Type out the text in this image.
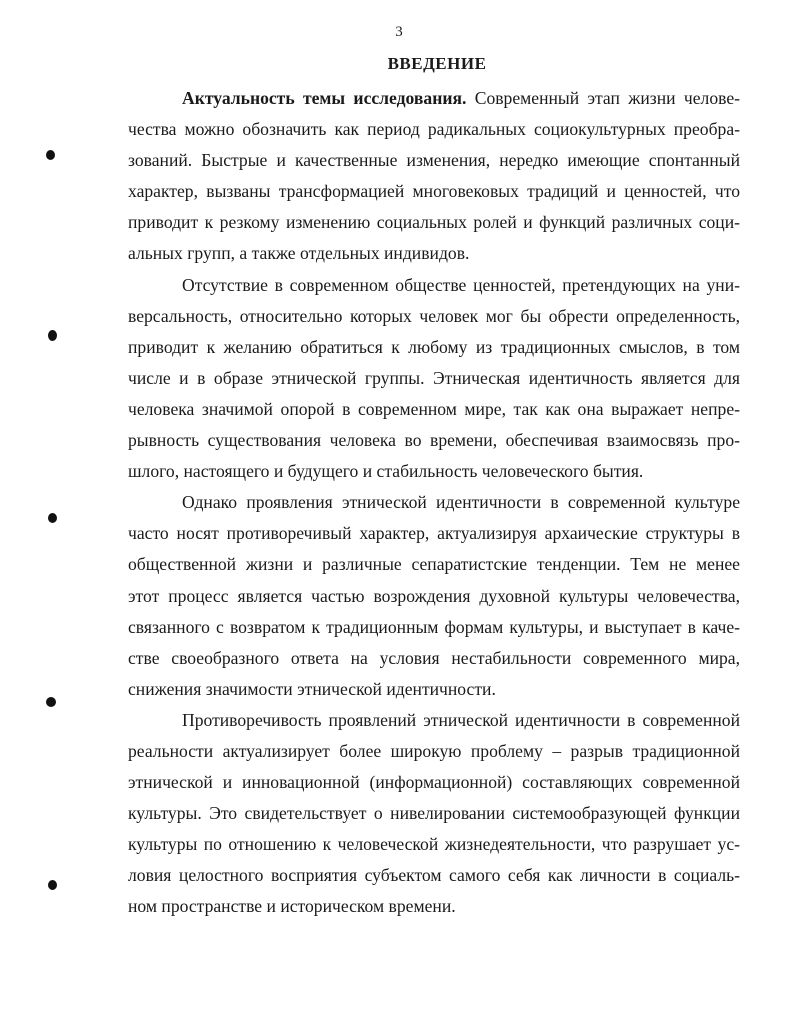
3
ВВЕДЕНИЕ
Актуальность темы исследования. Современный этап жизни челове-
чества можно обозначить как период радикальных социокультурных преобра-
зований. Быстрые и качественные изменения, нередко имеющие спонтанный
характер, вызваны трансформацией многовековых традиций и ценностей, что
приводит к резкому изменению социальных ролей и функций различных соци-
альных групп, а также отдельных индивидов.
Отсутствие в современном обществе ценностей, претендующих на уни-
версальность, относительно которых человек мог бы обрести определенность,
приводит к желанию обратиться к любому из традиционных смыслов, в том
числе и в образе этнической группы. Этническая идентичность является для
человека значимой опорой в современном мире, так как она выражает непре-
рывность существования человека во времени, обеспечивая взаимосвязь про-
шлого, настоящего и будущего и стабильность человеческого бытия.
Однако проявления этнической идентичности в современной культуре
часто носят противоречивый характер, актуализируя архаические структуры в
общественной жизни и различные сепаратистские тенденции. Тем не менее
этот процесс является частью возрождения духовной культуры человечества,
связанного с возвратом к традиционным формам культуры, и выступает в каче-
стве своеобразного ответа на условия нестабильности современного мира,
снижения значимости этнической идентичности.
Противоречивость проявлений этнической идентичности в современной
реальности актуализирует более широкую проблему – разрыв традиционной
этнической и инновационной (информационной) составляющих современной
культуры. Это свидетельствует о нивелировании системообразующей функции
культуры по отношению к человеческой жизнедеятельности, что разрушает ус-
ловия целостного восприятия субъектом самого себя как личности в социаль-
ном пространстве и историческом времени.
